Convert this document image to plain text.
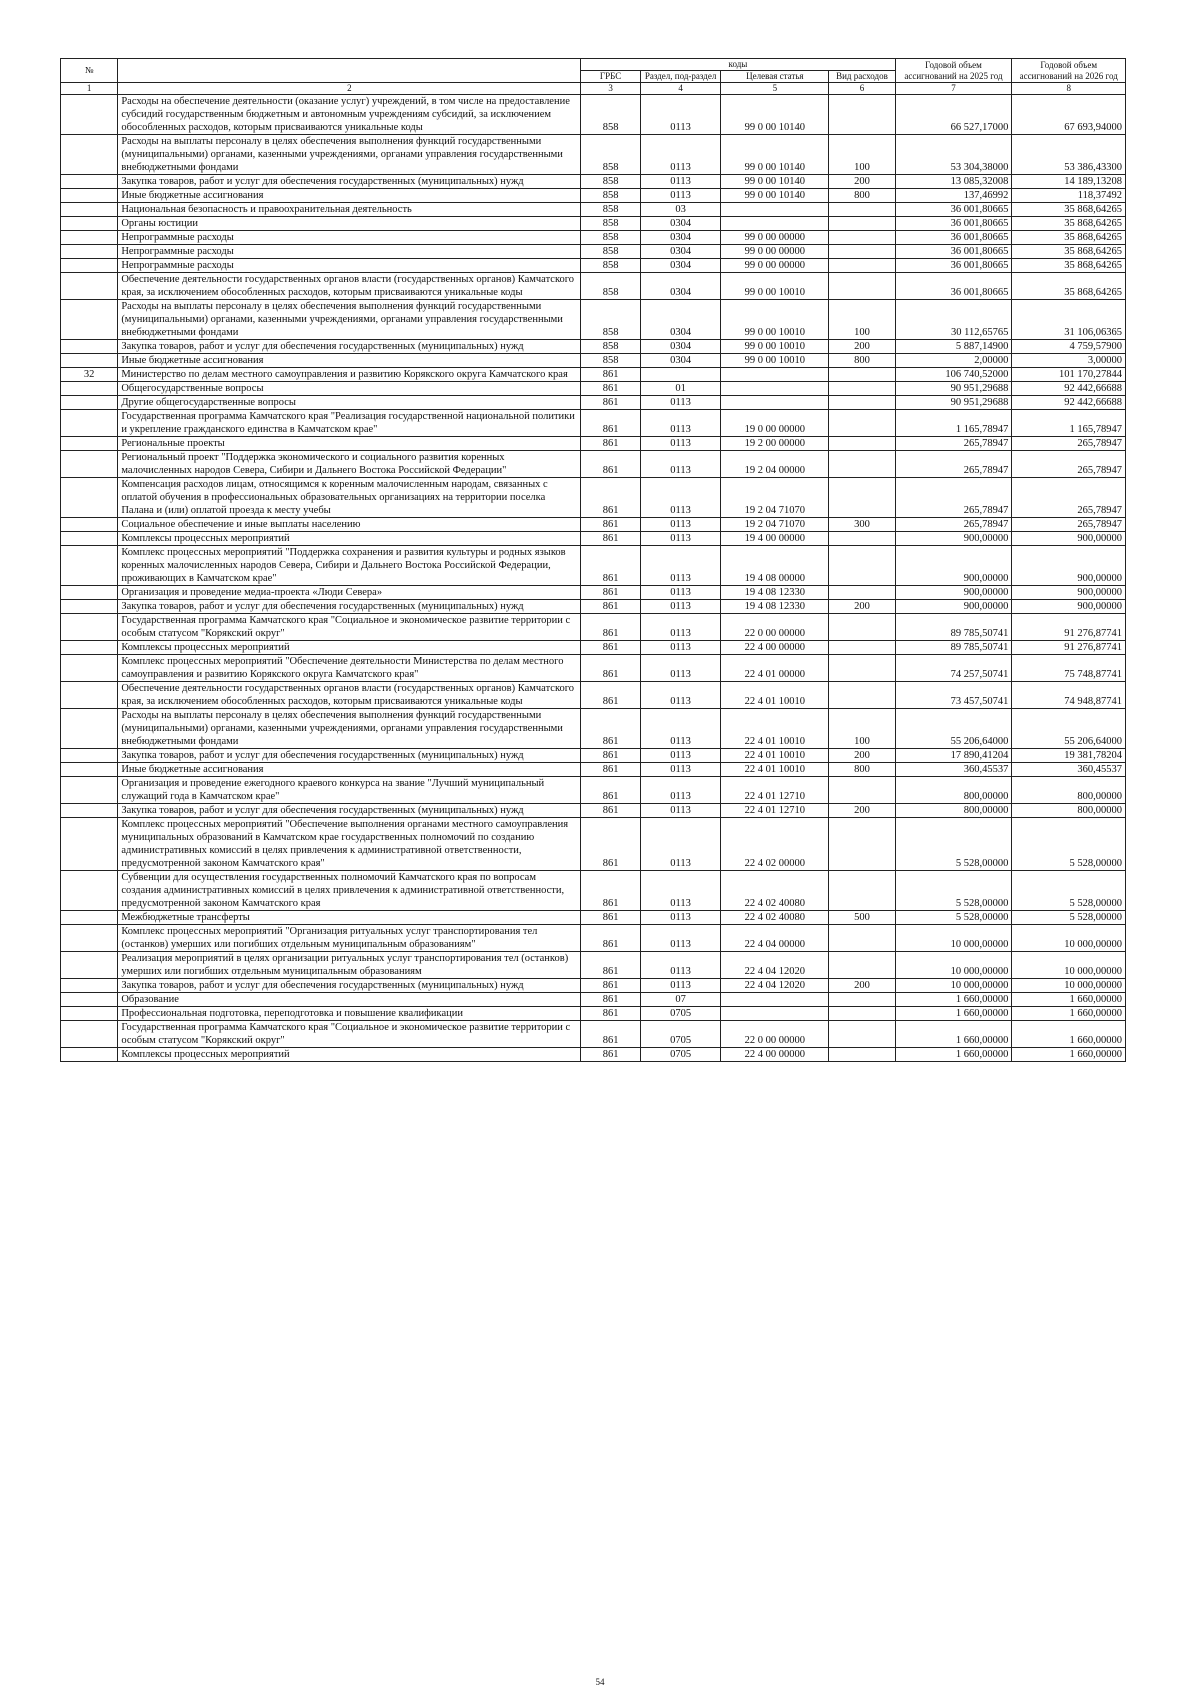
№		коды				Годовой объем ассигнований на 2025 год	Годовой объем ассигнований на 2026 год
		ГРБС	Раздел, под-раздел	Целевая статья	Вид расходов		
1	2	3	4	5	6	7	8
	Расходы на обеспечение деятельности (оказание услуг) учреждений, в том числе на предоставление субсидий государственным бюджетным и автономным учреждениям субсидий, за исключением обособленных расходов, которым присваиваются уникальные коды	858	0113	99 0 00 10140		66 527,17000	67 693,94000
	Расходы на выплаты персоналу в целях обеспечения выполнения функций государственными (муниципальными) органами, казенными учреждениями, органами управления государственными внебюджетными фондами	858	0113	99 0 00 10140	100	53 304,38000	53 386,43300
	Закупка товаров, работ и услуг для обеспечения государственных (муниципальных) нужд	858	0113	99 0 00 10140	200	13 085,32008	14 189,13208
	Иные бюджетные ассигнования	858	0113	99 0 00 10140	800	137,46992	118,37492
	Национальная безопасность и правоохранительная деятельность	858	03			36 001,80665	35 868,64265
	Органы юстиции	858	0304			36 001,80665	35 868,64265
	Непрограммные расходы	858	0304	99 0 00 00000		36 001,80665	35 868,64265
	Непрограммные расходы	858	0304	99 0 00 00000		36 001,80665	35 868,64265
	Непрограммные расходы	858	0304	99 0 00 00000		36 001,80665	35 868,64265
	Обеспечение деятельности государственных органов власти (государственных органов) Камчатского края, за исключением обособленных расходов, которым присваиваются уникальные коды	858	0304	99 0 00 10010		36 001,80665	35 868,64265
	Расходы на выплаты персоналу в целях обеспечения выполнения функций государственными (муниципальными) органами, казенными учреждениями, органами управления государственными внебюджетными фондами	858	0304	99 0 00 10010	100	30 112,65765	31 106,06365
	Закупка товаров, работ и услуг для обеспечения государственных (муниципальных) нужд	858	0304	99 0 00 10010	200	5 887,14900	4 759,57900
	Иные бюджетные ассигнования	858	0304	99 0 00 10010	800	2,00000	3,00000
32	Министерство по делам местного самоуправления и развитию Корякского округа Камчатского края	861				106 740,52000	101 170,27844
	Общегосударственные вопросы	861	01			90 951,29688	92 442,66688
	Другие общегосударственные вопросы	861	0113			90 951,29688	92 442,66688
	Государственная программа Камчатского края "Реализация государственной национальной политики и укрепление гражданского единства в Камчатском крае"	861	0113	19 0 00 00000		1 165,78947	1 165,78947
	Региональные проекты	861	0113	19 2 00 00000		265,78947	265,78947
	Региональный проект "Поддержка экономического и социального развития коренных малочисленных народов Севера, Сибири и Дальнего Востока Российской Федерации"	861	0113	19 2 04 00000		265,78947	265,78947
	Компенсация расходов лицам, относящимся к коренным малочисленным народам, связанных с оплатой обучения в профессиональных образовательных организациях на территории поселка Палана и (или) оплатой проезда к месту учебы	861	0113	19 2 04 71070		265,78947	265,78947
	Социальное обеспечение и иные выплаты населению	861	0113	19 2 04 71070	300	265,78947	265,78947
	Комплексы процессных мероприятий	861	0113	19 4 00 00000		900,00000	900,00000
	Комплекс процессных мероприятий "Поддержка сохранения и развития культуры и родных языков коренных малочисленных народов Севера, Сибири и Дальнего Востока Российской Федерации, проживающих в Камчатском крае"	861	0113	19 4 08 00000		900,00000	900,00000
	Организация и проведение медиа-проекта «Люди Севера»	861	0113	19 4 08 12330		900,00000	900,00000
	Закупка товаров, работ и услуг для обеспечения государственных (муниципальных) нужд	861	0113	19 4 08 12330	200	900,00000	900,00000
	Государственная программа Камчатского края "Социальное и экономическое развитие территории с особым статусом "Корякский округ"	861	0113	22 0 00 00000		89 785,50741	91 276,87741
	Комплексы процессных мероприятий	861	0113	22 4 00 00000		89 785,50741	91 276,87741
	Комплекс процессных мероприятий "Обеспечение деятельности Министерства по делам местного самоуправления и развитию Корякского округа Камчатского края"	861	0113	22 4 01 00000		74 257,50741	75 748,87741
	Обеспечение деятельности государственных органов власти (государственных органов) Камчатского края, за исключением обособленных расходов, которым присваиваются уникальные коды	861	0113	22 4 01 10010		73 457,50741	74 948,87741
	Расходы на выплаты персоналу в целях обеспечения выполнения функций государственными (муниципальными) органами, казенными учреждениями, органами управления государственными внебюджетными фондами	861	0113	22 4 01 10010	100	55 206,64000	55 206,64000
	Закупка товаров, работ и услуг для обеспечения государственных (муниципальных) нужд	861	0113	22 4 01 10010	200	17 890,41204	19 381,78204
	Иные бюджетные ассигнования	861	0113	22 4 01 10010	800	360,45537	360,45537
	Организация и проведение ежегодного краевого конкурса на звание "Лучший муниципальный служащий года в Камчатском крае"	861	0113	22 4 01 12710		800,00000	800,00000
	Закупка товаров, работ и услуг для обеспечения государственных (муниципальных) нужд	861	0113	22 4 01 12710	200	800,00000	800,00000
	Комплекс процессных мероприятий "Обеспечение выполнения органами местного самоуправления муниципальных образований в Камчатском крае государственных полномочий по созданию административных комиссий в целях привлечения к административной ответственности, предусмотренной законом Камчатского края"	861	0113	22 4 02 00000		5 528,00000	5 528,00000
	Субвенции для осуществления государственных полномочий Камчатского края по вопросам создания административных комиссий в целях привлечения к административной ответственности, предусмотренной законом Камчатского края	861	0113	22 4 02 40080		5 528,00000	5 528,00000
	Межбюджетные трансферты	861	0113	22 4 02 40080	500	5 528,00000	5 528,00000
	Комплекс процессных мероприятий "Организация ритуальных услуг транспортирования тел (останков) умерших или погибших отдельным муниципальным образованиям"	861	0113	22 4 04 00000		10 000,00000	10 000,00000
	Реализация мероприятий в целях организации ритуальных услуг транспортирования тел (останков) умерших или погибших отдельным муниципальным образованиям	861	0113	22 4 04 12020		10 000,00000	10 000,00000
	Закупка товаров, работ и услуг для обеспечения государственных (муниципальных) нужд	861	0113	22 4 04 12020	200	10 000,00000	10 000,00000
	Образование	861	07			1 660,00000	1 660,00000
	Профессиональная подготовка, переподготовка и повышение квалификации	861	0705			1 660,00000	1 660,00000
	Государственная программа Камчатского края "Социальное и экономическое развитие территории с особым статусом "Корякский округ"	861	0705	22 0 00 00000		1 660,00000	1 660,00000
	Комплексы процессных мероприятий	861	0705	22 4 00 00000		1 660,00000	1 660,00000
54
